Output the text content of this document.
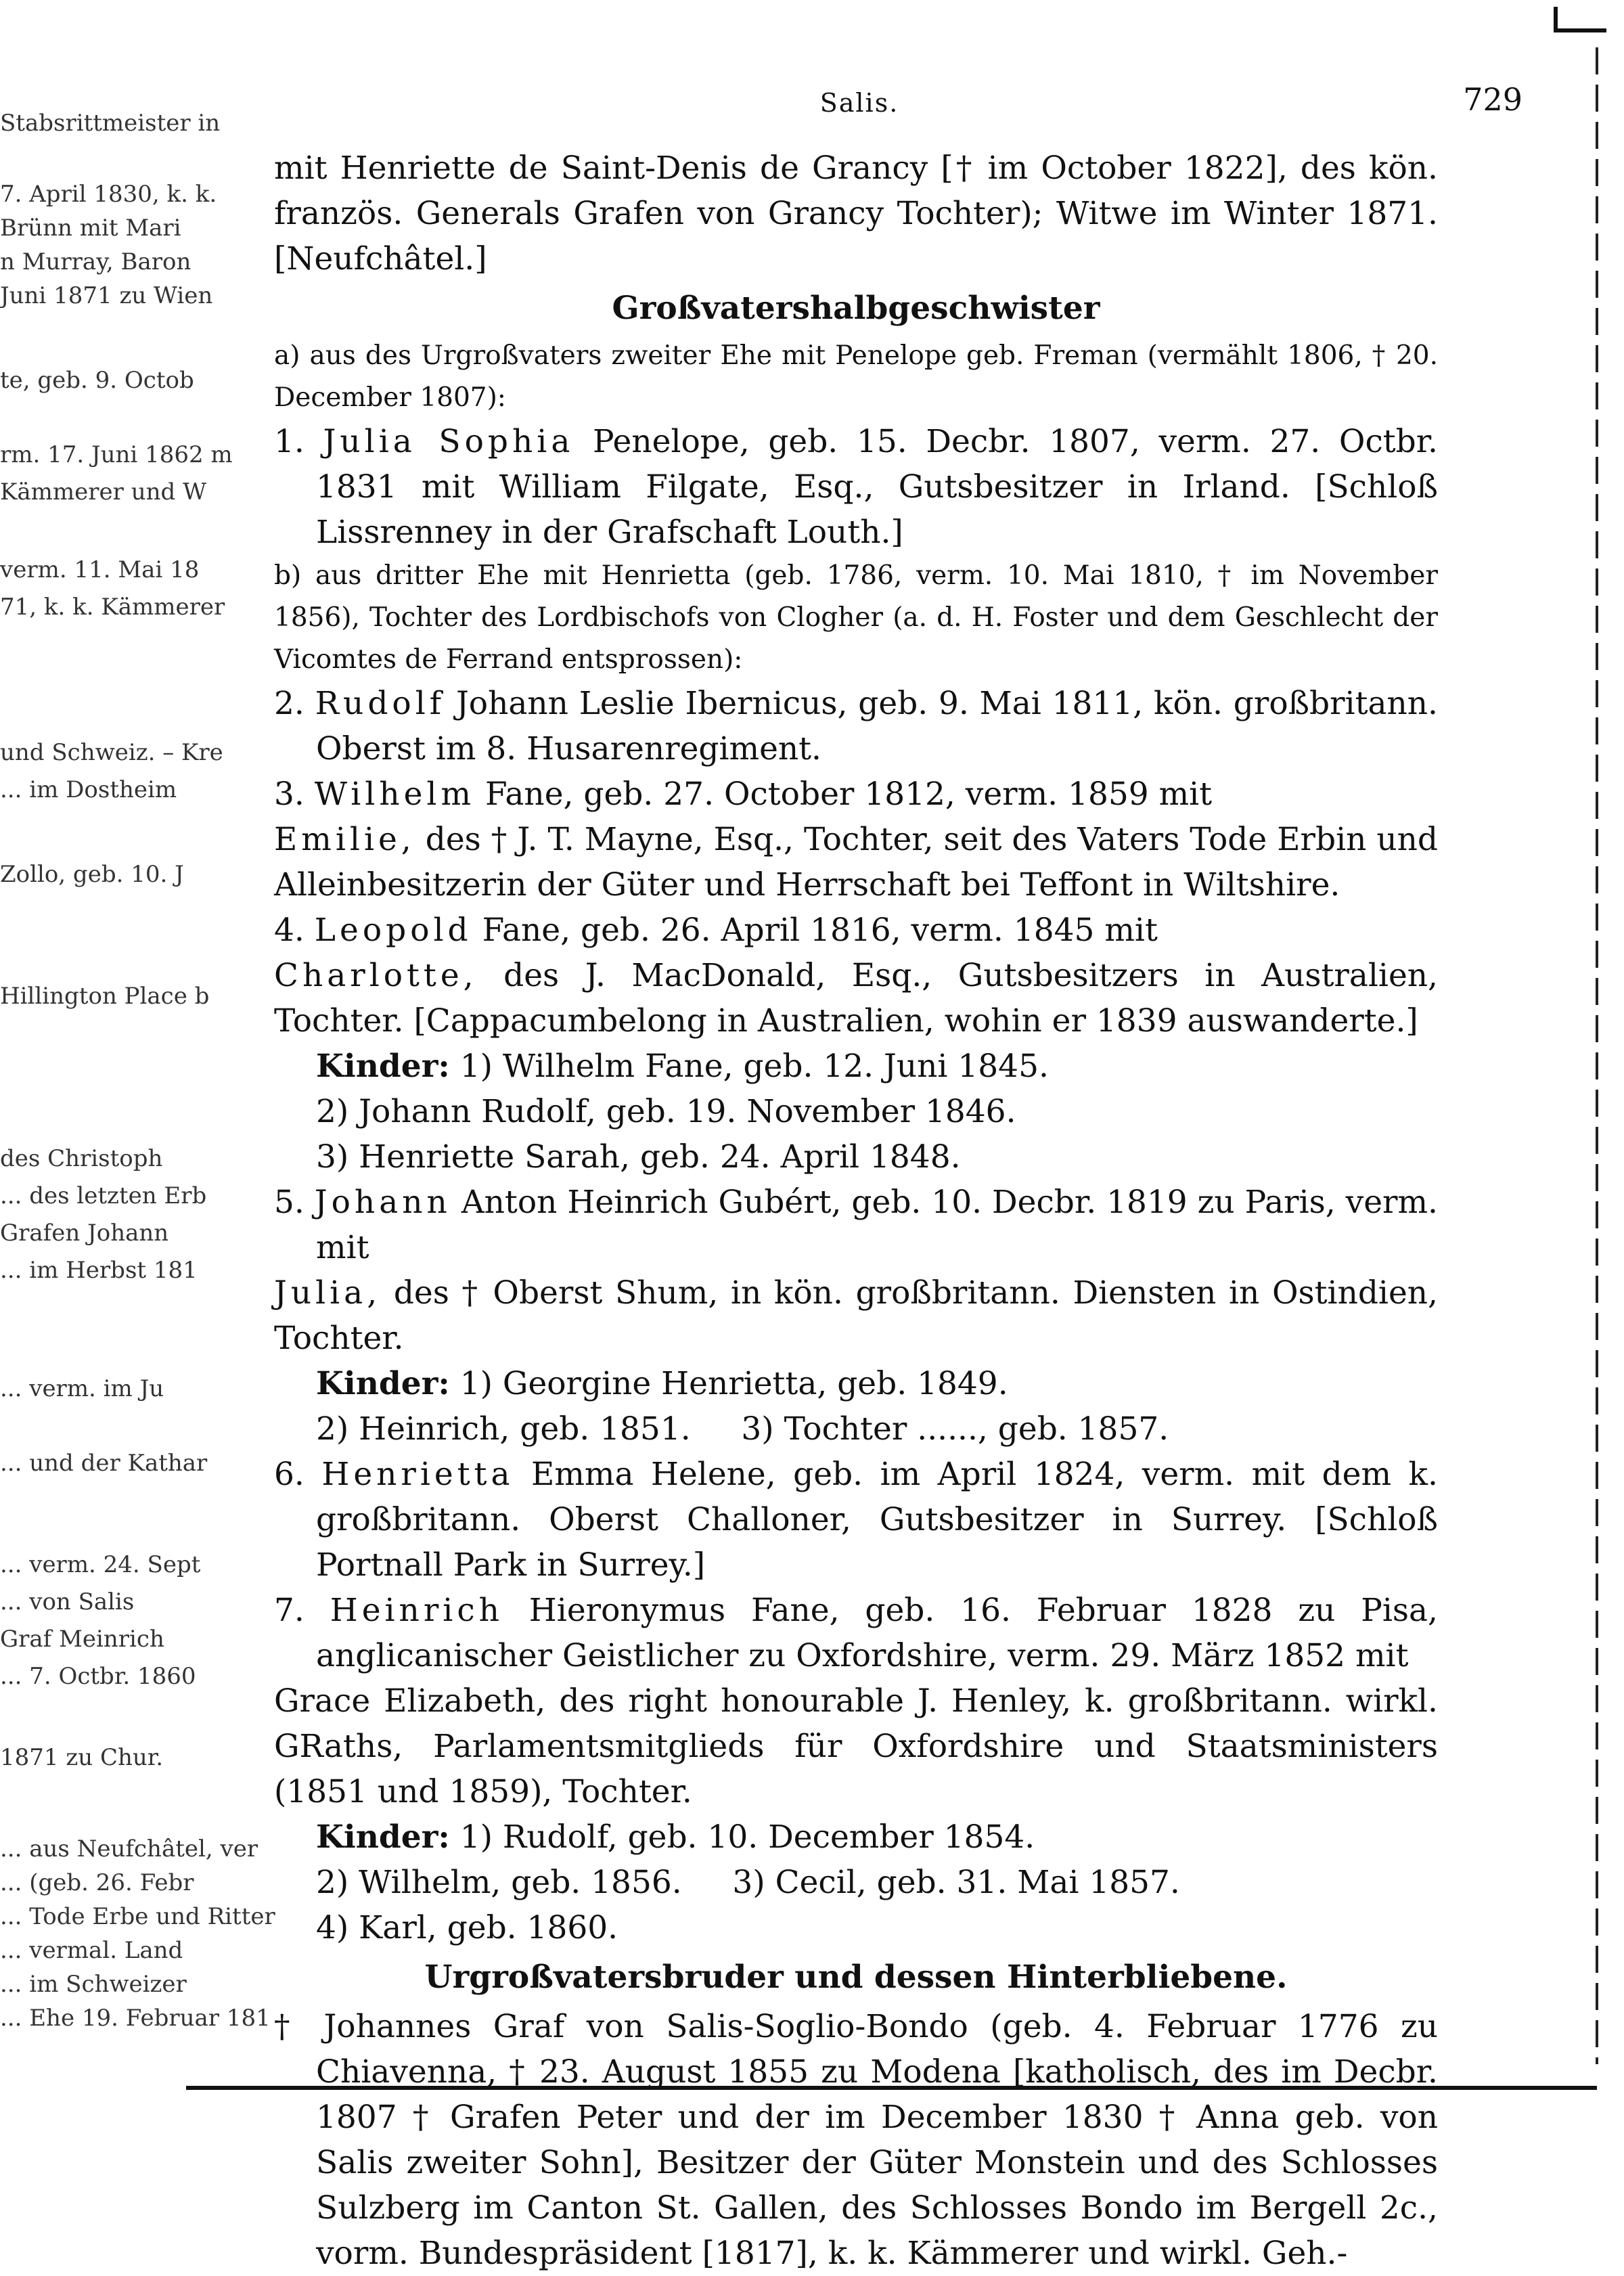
Stabsrittmeister in
7. April 1830, k. k.
Brünn mit Mari
n Murray, Baron
Juni 1871 zu Wien
te, geb. 9. Octob
rm. 17. Juni 1862 m
Kämmerer und W
verm. 11. Mai 18
71, k. k. Kämmerer
und Schweiz. – Kre
... im Dostheim
Zollo, geb. 10. J
Hillington Place b
des Christoph
... des letzten Erb
Grafen Johann
... im Herbst 181
... verm. im Ju
... und der Kathar
... verm. 24. Sept
... von Salis
Graf Meinrich
... 7. Octbr. 1860
1871 zu Chur.
... aus Neufchâtel, ver
... (geb. 26. Febr
... Tode Erbe und Ritter
... vermal. Land
... im Schweizer
... Ehe 19. Februar 181
Salis.	729

mit Henriette de Saint-Denis de Grancy [† im October 1822], des kön. französ. Generals Grafen von Grancy Tochter); Witwe im Winter 1871. [Neufchâtel.]

Großvatershalbgeschwister

a) aus des Urgroßvaters zweiter Ehe mit Penelope geb. Freman (vermählt 1806, † 20. December 1807):

1. Julia Sophia Penelope, geb. 15. Decbr. 1807, verm. 27. Octbr. 1831 mit William Filgate, Esq., Gutsbesitzer in Irland. [Schloß Lissrenney in der Grafschaft Louth.]

b) aus dritter Ehe mit Henrietta (geb. 1786, verm. 10. Mai 1810, † im November 1856), Tochter des Lordbischofs von Clogher (a. d. H. Foster und dem Geschlecht der Vicomtes de Ferrand entsprossen):

2. Rudolf Johann Leslie Ibernicus, geb. 9. Mai 1811, kön. großbritann. Oberst im 8. Husarenregiment.

3. Wilhelm Fane, geb. 27. October 1812, verm. 1859 mit

Emilie, des † J. T. Mayne, Esq., Tochter, seit des Vaters Tode Erbin und Alleinbesitzerin der Güter und Herrschaft bei Teffont in Wiltshire.

4. Leopold Fane, geb. 26. April 1816, verm. 1845 mit

Charlotte, des J. MacDonald, Esq., Gutsbesitzers in Australien, Tochter. [Cappacumbelong in Australien, wohin er 1839 auswanderte.]

Kinder: 1) Wilhelm Fane, geb. 12. Juni 1845.

2) Johann Rudolf, geb. 19. November 1846.

3) Henriette Sarah, geb. 24. April 1848.

5. Johann Anton Heinrich Gubért, geb. 10. Decbr. 1819 zu Paris, verm. mit

Julia, des † Oberst Shum, in kön. großbritann. Diensten in Ostindien, Tochter.

Kinder: 1) Georgine Henrietta, geb. 1849.

2) Heinrich, geb. 1851. 3) Tochter ......, geb. 1857.

6. Henrietta Emma Helene, geb. im April 1824, verm. mit dem k. großbritann. Oberst Challoner, Gutsbesitzer in Surrey. [Schloß Portnall Park in Surrey.]

7. Heinrich Hieronymus Fane, geb. 16. Februar 1828 zu Pisa, anglicanischer Geistlicher zu Oxfordshire, verm. 29. März 1852 mit

Grace Elizabeth, des right honourable J. Henley, k. großbritann. wirkl. GRaths, Parlamentsmitglieds für Oxfordshire und Staatsministers (1851 und 1859), Tochter.

Kinder: 1) Rudolf, geb. 10. December 1854.

2) Wilhelm, geb. 1856. 3) Cecil, geb. 31. Mai 1857.

4) Karl, geb. 1860.

Urgroßvatersbruder und dessen Hinterbliebene.

† Johannes Graf von Salis-Soglio-Bondo (geb. 4. Februar 1776 zu Chiavenna, † 23. August 1855 zu Modena [katholisch, des im Decbr. 1807 † Grafen Peter und der im December 1830 † Anna geb. von Salis zweiter Sohn], Besitzer der Güter Monstein und des Schlosses Sulzberg im Canton St. Gallen, des Schlosses Bondo im Bergell 2c., vorm. Bundespräsident [1817], k. k. Kämmerer und wirkl. Geh.-
